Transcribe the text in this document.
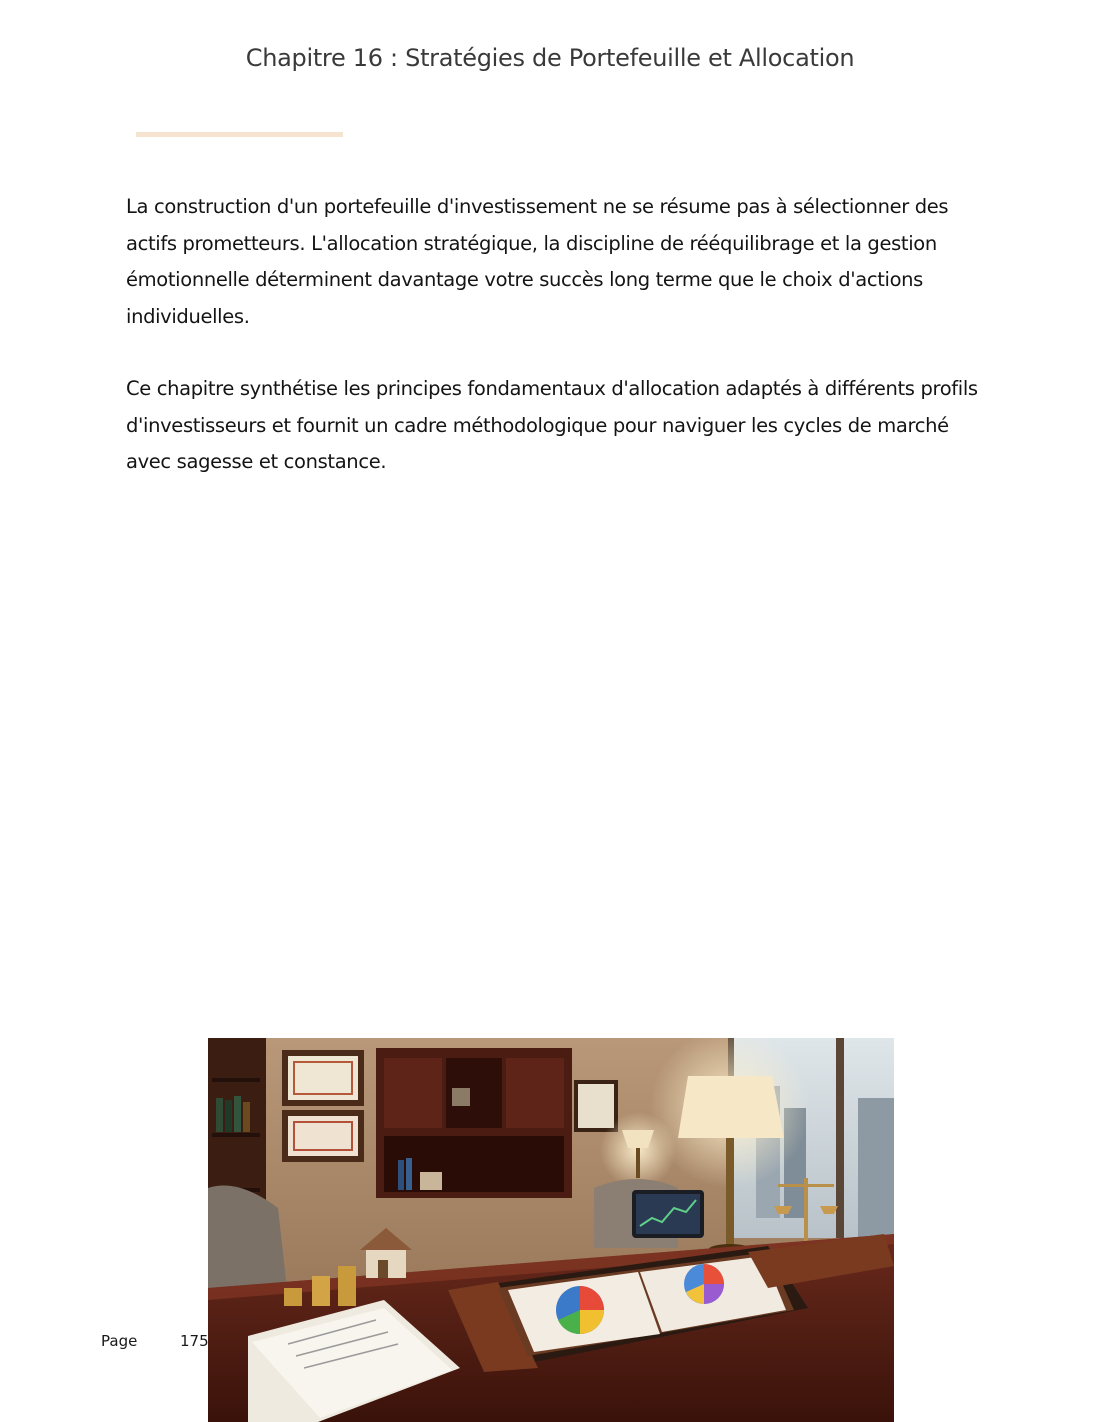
Chapitre 16 : Stratégies de Portefeuille et Allocation

La construction d'un portefeuille d'investissement ne se résume pas à sélectionner des actifs prometteurs. L'allocation stratégique, la discipline de rééquilibrage et la gestion émotionnelle déterminent davantage votre succès long terme que le choix d'actions individuelles.

Ce chapitre synthétise les principes fondamentaux d'allocation adaptés à différents profils d'investisseurs et fournit un cadre méthodologique pour naviguer les cycles de marché avec sagesse et constance.

Page	175
